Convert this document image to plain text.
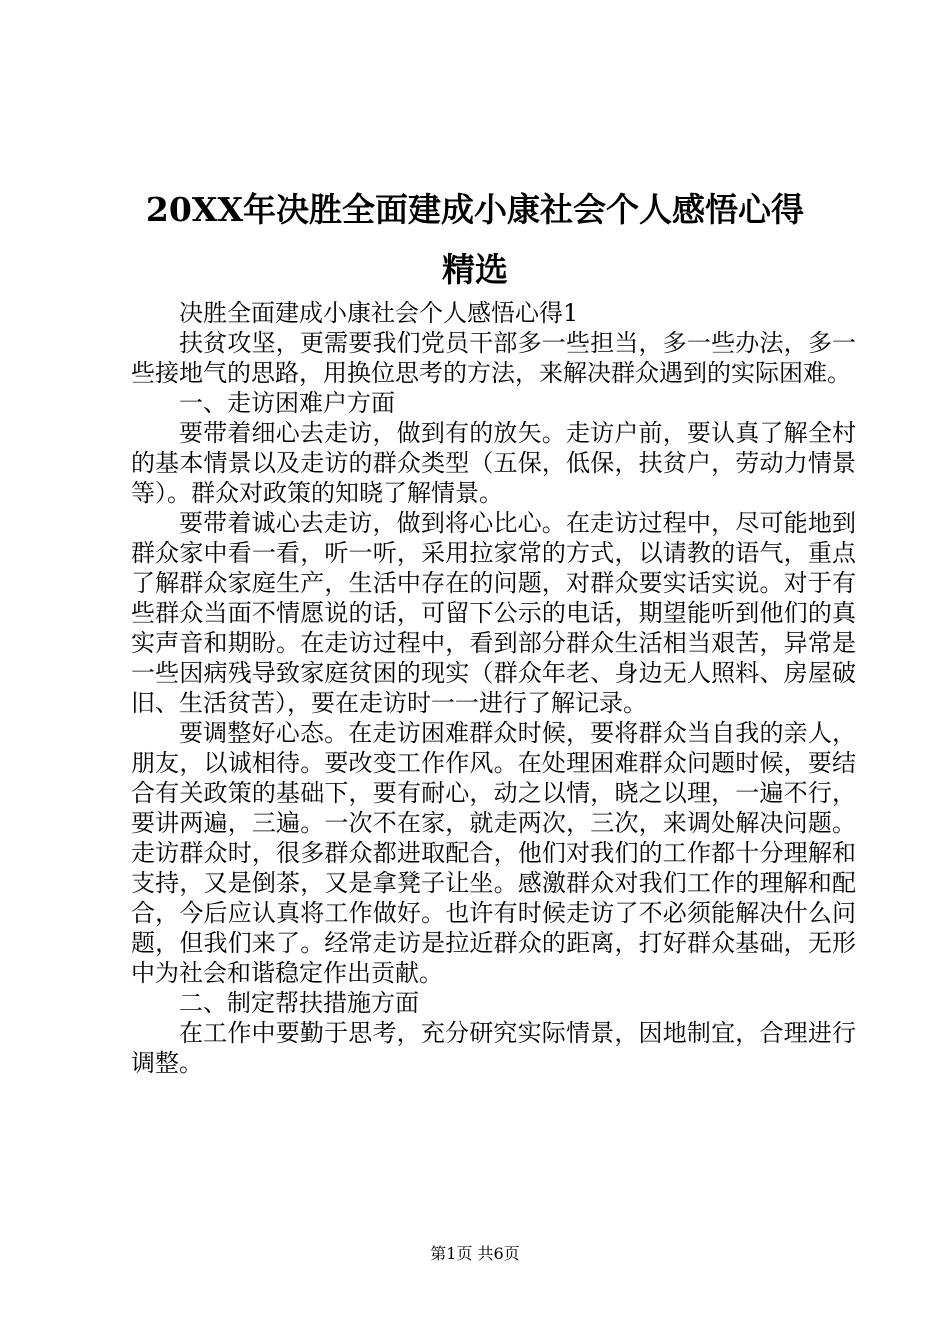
20XX年决胜全面建成小康社会个人感悟心得
精选

决胜全面建成小康社会个人感悟心得1

扶贫攻坚，更需要我们党员干部多一些担当，多一些办法，多一些接地气的思路，用换位思考的方法，来解决群众遇到的实际困难。

一、走访困难户方面

要带着细心去走访，做到有的放矢。走访户前，要认真了解全村的基本情景以及走访的群众类型（五保，低保，扶贫户，劳动力情景等）。群众对政策的知晓了解情景。

要带着诚心去走访，做到将心比心。在走访过程中，尽可能地到群众家中看一看，听一听，采用拉家常的方式，以请教的语气，重点了解群众家庭生产，生活中存在的问题，对群众要实话实说。对于有些群众当面不情愿说的话，可留下公示的电话，期望能听到他们的真实声音和期盼。在走访过程中，看到部分群众生活相当艰苦，异常是一些因病残导致家庭贫困的现实（群众年老、身边无人照料、房屋破旧、生活贫苦），要在走访时一一进行了解记录。

要调整好心态。在走访困难群众时候，要将群众当自我的亲人，朋友，以诚相待。要改变工作作风。在处理困难群众问题时候，要结合有关政策的基础下，要有耐心，动之以情，晓之以理，一遍不行，要讲两遍，三遍。一次不在家，就走两次，三次，来调处解决问题。走访群众时，很多群众都进取配合，他们对我们的工作都十分理解和支持，又是倒茶，又是拿凳子让坐。感激群众对我们工作的理解和配合，今后应认真将工作做好。也许有时候走访了不必须能解决什么问题，但我们来了。经常走访是拉近群众的距离，打好群众基础，无形中为社会和谐稳定作出贡献。

二、制定帮扶措施方面

在工作中要勤于思考，充分研究实际情景，因地制宜，合理进行调整。

第1页 共6页
